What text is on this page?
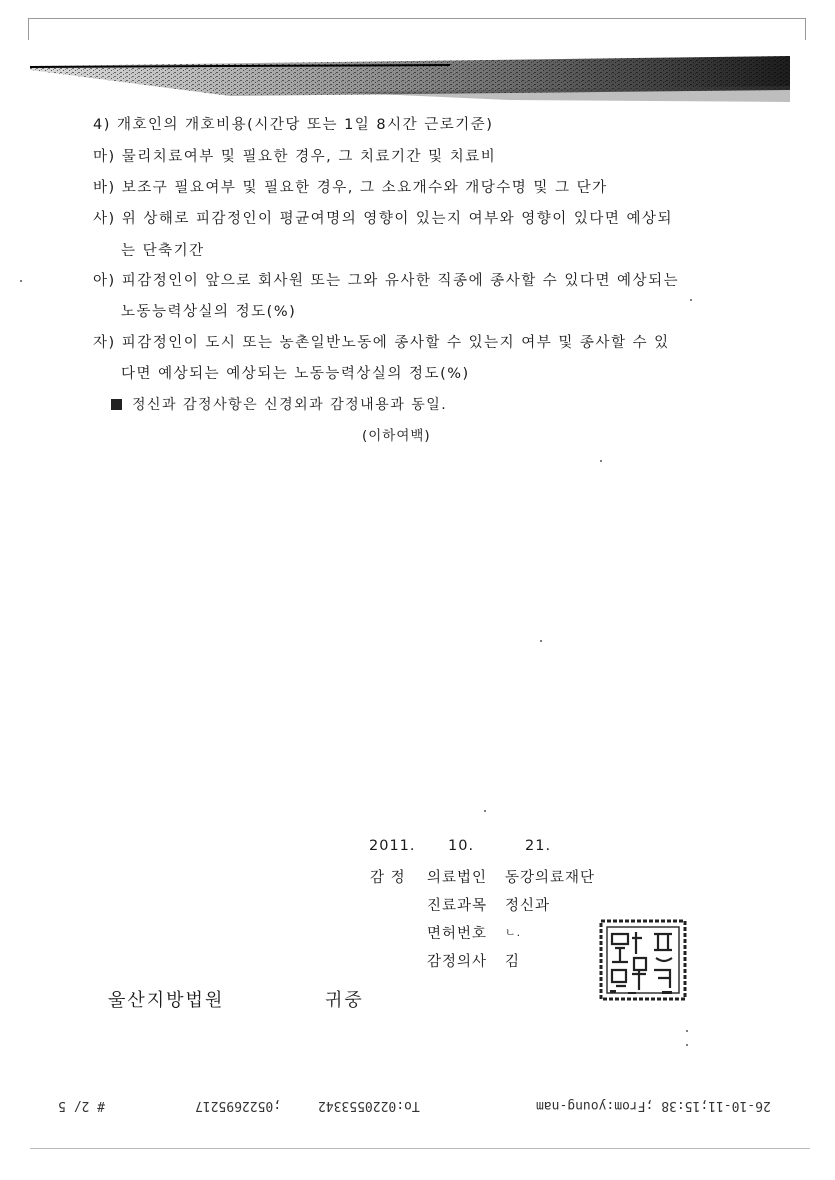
4) 개호인의 개호비용(시간당 또는 1일 8시간 근로기준)
마) 물리치료여부 및 필요한 경우, 그 치료기간 및 치료비
바) 보조구 필요여부 및 필요한 경우, 그 소요개수와 개당수명 및 그 단가
사) 위 상해로 피감정인이 평균여명의 영향이 있는지 여부와 영향이 있다면 예상되
는 단축기간
아) 피감정인이 앞으로 회사원 또는 그와 유사한 직종에 종사할 수 있다면 예상되는
노동능력상실의 정도(%)
자) 피감정인이 도시 또는 농촌일반노동에 종사할 수 있는지 여부 및 종사할 수 있
다면 예상되는 예상되는 노동능력상실의 정도(%)
정신과 감정사항은 신경외과 감정내용과 동일.
(이하여백)
2011. 10.	21.
감 정 의료법인 동강의료재단
진료과목 정신과
면허번호 ㄴ.
감정의사 김
울산지방법원	귀중
# 2/ 5	;0522695217	To:0220553342	26-10-11;15:38 ;From:young-nam
